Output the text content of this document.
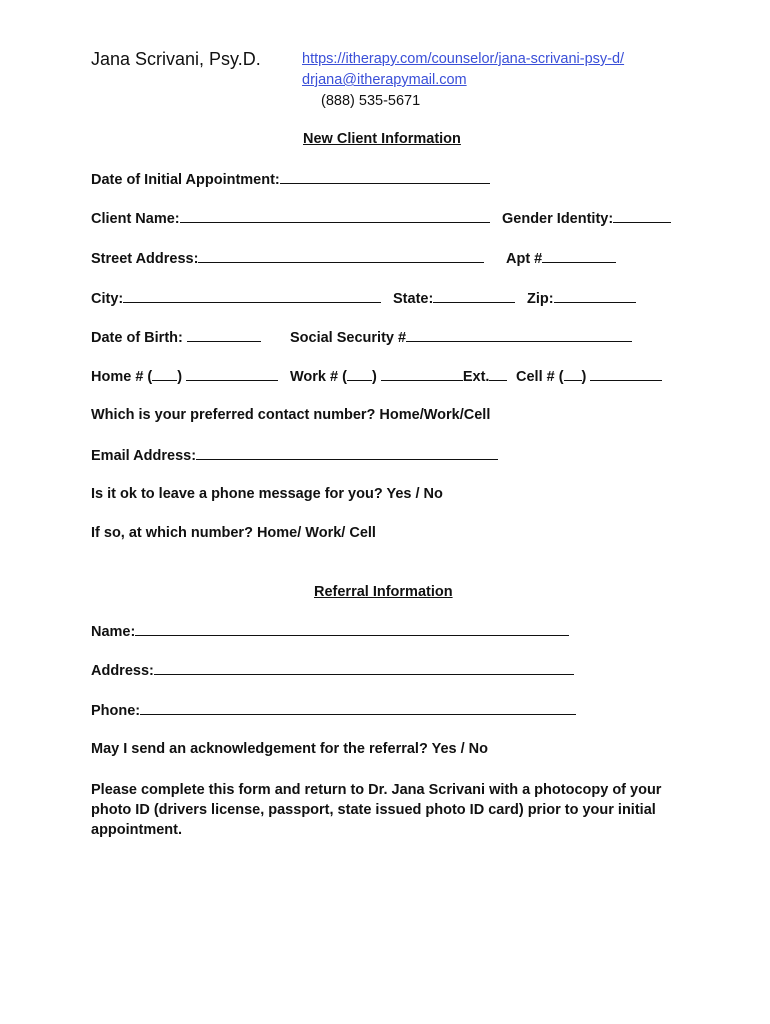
Jana Scrivani, Psy.D.	https://itherapy.com/counselor/jana-scrivani-psy-d/
drjana@itherapymail.com
(888) 535-5671
New Client Information
Date of Initial Appointment:
Client Name:	Gender Identity:
Street Address:	Apt #
City:	State:	Zip:
Date of Birth:	Social Security #
Home # ( )	Work # ( )	Ext.	Cell # ( )
Which is your preferred contact number? Home/Work/Cell
Email Address:
Is it ok to leave a phone message for you? Yes / No
If so, at which number? Home/ Work/ Cell
Referral Information
Name:
Address:
Phone:
May I send an acknowledgement for the referral? Yes / No
Please complete this form and return to Dr. Jana Scrivani with a photocopy of your photo ID (drivers license, passport, state issued photo ID card) prior to your initial appointment.
